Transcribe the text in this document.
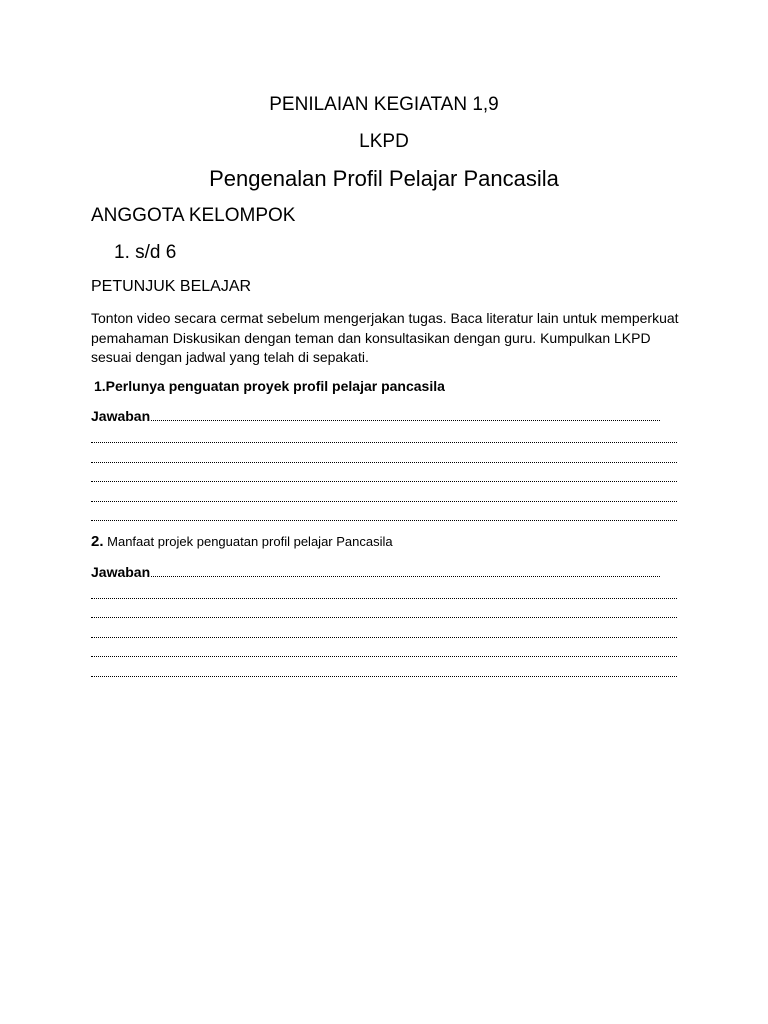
PENILAIAN KEGIATAN 1,9
LKPD
Pengenalan Profil Pelajar Pancasila
ANGGOTA KELOMPOK
1. s/d 6
PETUNJUK BELAJAR
Tonton video secara cermat sebelum mengerjakan tugas. Baca literatur lain untuk memperkuat pemahaman Diskusikan dengan teman dan konsultasikan dengan guru. Kumpulkan LKPD sesuai dengan jadwal yang telah di sepakati.
1.Perlunya penguatan proyek profil pelajar pancasila
Jawaban
2. Manfaat projek penguatan profil pelajar Pancasila
Jawaban
